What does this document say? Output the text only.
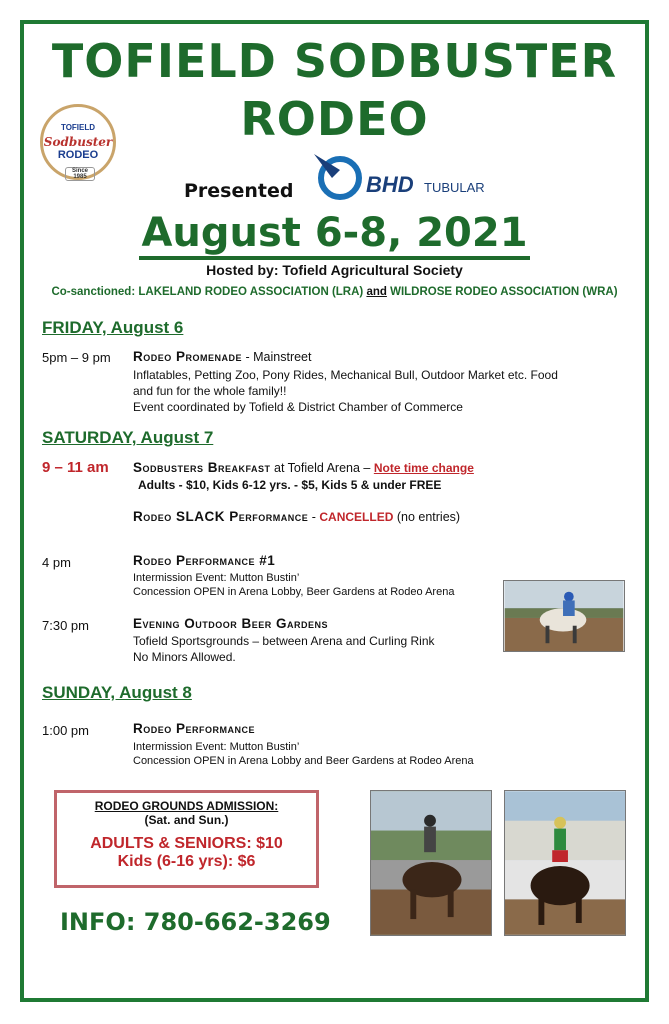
TOFIELD SODBUSTER
RODEO
TOFIELD
Sodbuster
RODEO
Since 1985
Presented	BHD TUBULAR
August 6-8, 2021
Hosted by: Tofield Agricultural Society
Co-sanctioned: LAKELAND RODEO ASSOCIATION (LRA) and WILDROSE RODEO ASSOCIATION (WRA)
FRIDAY, August 6
5pm – 9 pm Rodeo Promenade - Mainstreet
Inflatables, Petting Zoo, Pony Rides, Mechanical Bull, Outdoor Market etc. Food
and fun for the whole family!!
Event coordinated by Tofield & District Chamber of Commerce
SATURDAY, August 7
9 – 11 am Sodbusters Breakfast at Tofield Arena – Note time change
Adults - $10, Kids 6-12 yrs. - $5, Kids 5 & under FREE
Rodeo SLACK Performance - CANCELLED (no entries)
4 pm	Rodeo Performance #1
Intermission Event: Mutton Bustin’
Concession OPEN in Arena Lobby, Beer Gardens at Rodeo Arena
7:30 pm	Evening Outdoor Beer Gardens
Tofield Sportsgrounds – between Arena and Curling Rink
No Minors Allowed.
SUNDAY, August 8
1:00 pm	Rodeo Performance
Intermission Event: Mutton Bustin’
Concession OPEN in Arena Lobby and Beer Gardens at Rodeo Arena
RODEO GROUNDS ADMISSION:
(Sat. and Sun.)
ADULTS & SENIORS: $10
Kids (6-16 yrs): $6
INFO: 780-662-3269
